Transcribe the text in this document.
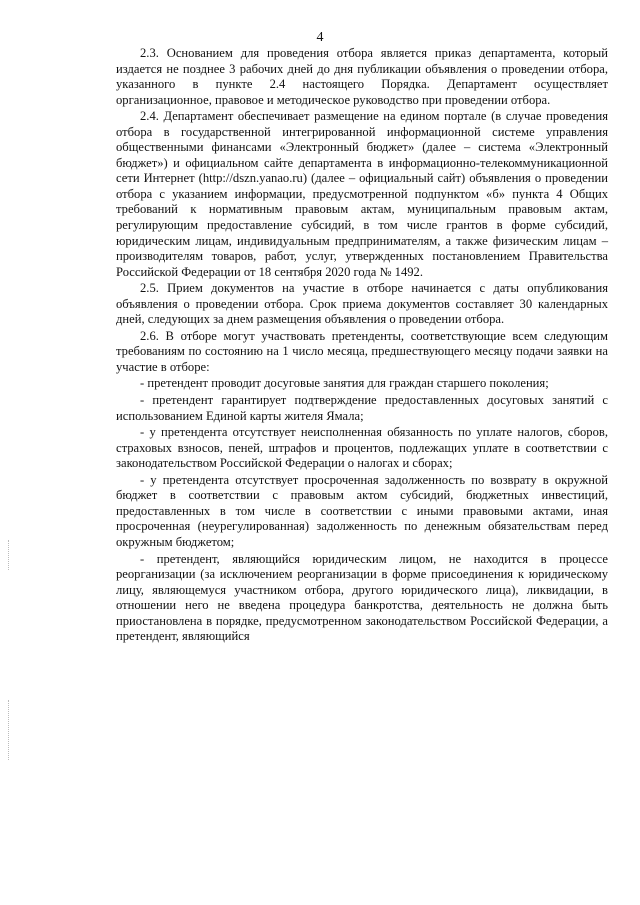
4

2.3. Основанием для проведения отбора является приказ департамента, который издается не позднее 3 рабочих дней до дня публикации объявления о проведении отбора, указанного в пункте 2.4 настоящего Порядка. Департамент осуществляет организационное, правовое и методическое руководство при проведении отбора.

2.4. Департамент обеспечивает размещение на едином портале (в случае проведения отбора в государственной интегрированной информационной системе управления общественными финансами «Электронный бюджет» (далее – система «Электронный бюджет») и официальном сайте департамента в информационно-телекоммуникационной сети Интернет (http://dszn.yanao.ru) (далее – официальный сайт) объявления о проведении отбора с указанием информации, предусмотренной подпунктом «б» пункта 4 Общих требований к нормативным правовым актам, муниципальным правовым актам, регулирующим предоставление субсидий, в том числе грантов в форме субсидий, юридическим лицам, индивидуальным предпринимателям, а также физическим лицам – производителям товаров, работ, услуг, утвержденных постановлением Правительства Российской Федерации от 18 сентября 2020 года № 1492.

2.5. Прием документов на участие в отборе начинается с даты опубликования объявления о проведении отбора. Срок приема документов составляет 30 календарных дней, следующих за днем размещения объявления о проведении отбора.

2.6. В отборе могут участвовать претенденты, соответствующие всем следующим требованиям по состоянию на 1 число месяца, предшествующего месяцу подачи заявки на участие в отборе:

- претендент проводит досуговые занятия для граждан старшего поколения;

- претендент гарантирует подтверждение предоставленных досуговых занятий с использованием Единой карты жителя Ямала;

- у претендента отсутствует неисполненная обязанность по уплате налогов, сборов, страховых взносов, пеней, штрафов и процентов, подлежащих уплате в соответствии с законодательством Российской Федерации о налогах и сборах;

- у претендента отсутствует просроченная задолженность по возврату в окружной бюджет в соответствии с правовым актом субсидий, бюджетных инвестиций, предоставленных в том числе в соответствии с иными правовыми актами, иная просроченная (неурегулированная) задолженность по денежным обязательствам перед окружным бюджетом;

- претендент, являющийся юридическим лицом, не находится в процессе реорганизации (за исключением реорганизации в форме присоединения к юридическому лицу, являющемуся участником отбора, другого юридического лица), ликвидации, в отношении него не введена процедура банкротства, деятельность не должна быть приостановлена в порядке, предусмотренном законодательством Российской Федерации, а претендент, являющийся
